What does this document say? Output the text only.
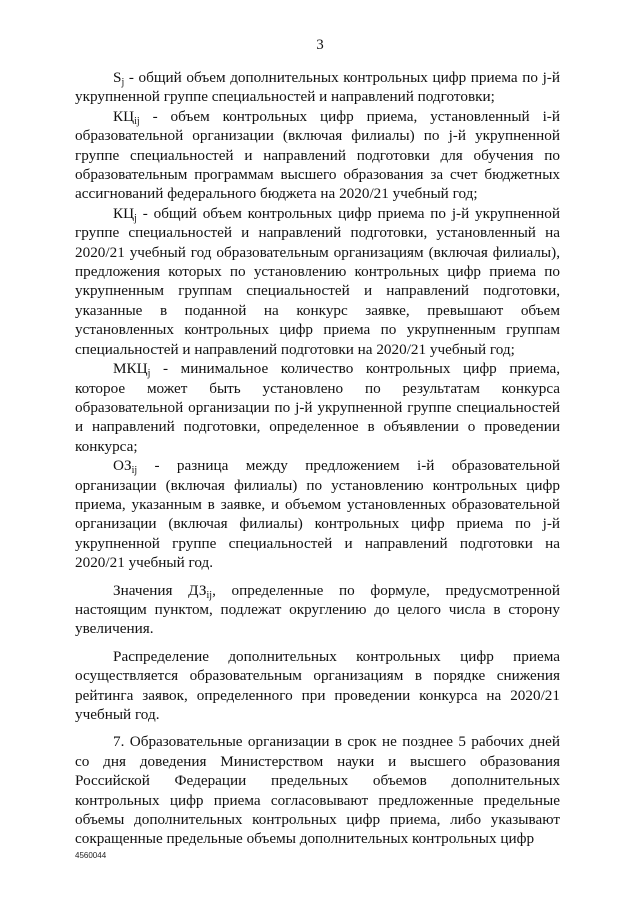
3

$S_j$ - общий объем дополнительных контрольных цифр приема по j-й укрупненной группе специальностей и направлений подготовки;

$КЦ_{ij}$ - объем контрольных цифр приема, установленный i-й образовательной организации (включая филиалы) по j-й укрупненной группе специальностей и направлений подготовки для обучения по образовательным программам высшего образования за счет бюджетных ассигнований федерального бюджета на 2020/21 учебный год;

$КЦ_j$ - общий объем контрольных цифр приема по j-й укрупненной группе специальностей и направлений подготовки, установленный на 2020/21 учебный год образовательным организациям (включая филиалы), предложения которых по установлению контрольных цифр приема по укрупненным группам специальностей и направлений подготовки, указанные в поданной на конкурс заявке, превышают объем установленных контрольных цифр приема по укрупненным группам специальностей и направлений подготовки на 2020/21 учебный год;

$МКЦ_j$ - минимальное количество контрольных цифр приема, которое может быть установлено по результатам конкурса образовательной организации по j-й укрупненной группе специальностей и направлений подготовки, определенное в объявлении о проведении конкурса;

$ОЗ_{ij}$ - разница между предложением i-й образовательной организации (включая филиалы) по установлению контрольных цифр приема, указанным в заявке, и объемом установленных образовательной организации (включая филиалы) контрольных цифр приема по j-й укрупненной группе специальностей и направлений подготовки на 2020/21 учебный год.

Значения $ДЗ_{ij}$, определенные по формуле, предусмотренной настоящим пунктом, подлежат округлению до целого числа в сторону увеличения.

Распределение дополнительных контрольных цифр приема осуществляется образовательным организациям в порядке снижения рейтинга заявок, определенного при проведении конкурса на 2020/21 учебный год.

7. Образовательные организации в срок не позднее 5 рабочих дней со дня доведения Министерством науки и высшего образования Российской Федерации предельных объемов дополнительных контрольных цифр приема согласовывают предложенные предельные объемы дополнительных контрольных цифр приема, либо указывают сокращенные предельные объемы дополнительных контрольных цифр

4560044
